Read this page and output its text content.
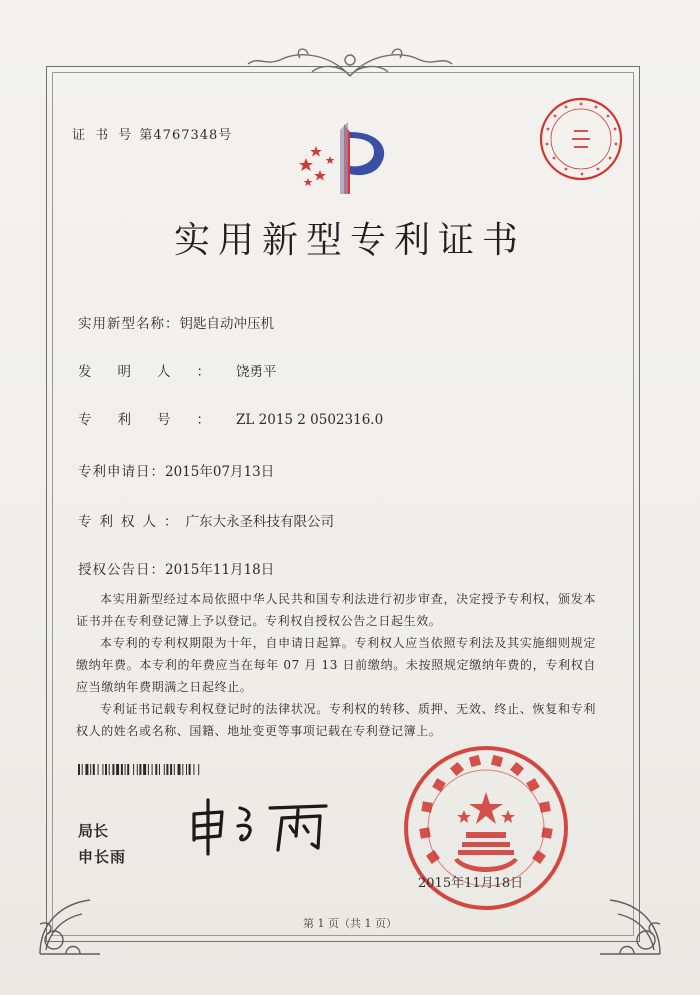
证 书 号 第4767348号
实用新型专利证书
实用新型名称：钥匙自动冲压机
发明人：饶勇平
专利号：ZL 2015 2 0502316.0
专利申请日：2015年07月13日
专利权人：广东大永圣科技有限公司
授权公告日：2015年11月18日

本实用新型经过本局依照中华人民共和国专利法进行初步审查，决定授予专利权，颁发本证书并在专利登记簿上予以登记。专利权自授权公告之日起生效。

本专利的专利权期限为十年，自申请日起算。专利权人应当依照专利法及其实施细则规定缴纳年费。本专利的年费应当在每年 07 月 13 日前缴纳。未按照规定缴纳年费的，专利权自应当缴纳年费期满之日起终止。

专利证书记载专利权登记时的法律状况。专利权的转移、质押、无效、终止、恢复和专利权人的姓名或名称、国籍、地址变更等事项记载在专利登记簿上。

局长
申长雨
2015年11月18日
第 1 页（共 1 页）
